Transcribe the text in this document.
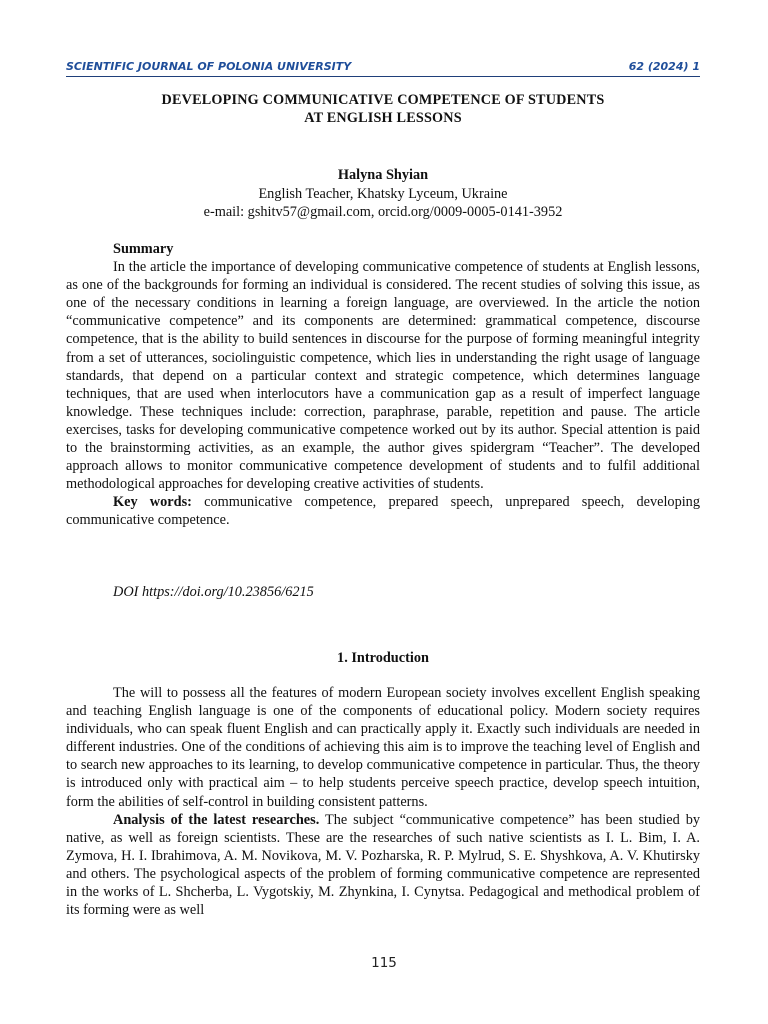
SCIENTIFIC JOURNAL OF POLONIA UNIVERSITY	62 (2024) 1
DEVELOPING COMMUNICATIVE COMPETENCE OF STUDENTS
AT ENGLISH LESSONS
Halyna Shyian
English Teacher, Khatsky Lyceum, Ukraine
e-mail: gshitv57@gmail.com, orcid.org/0009-0005-0141-3952
Summary

In the article the importance of developing communicative competence of students at English lessons, as one of the backgrounds for forming an individual is considered. The recent studies of solving this issue, as one of the necessary conditions in learning a foreign language, are overviewed. In the article the notion “communicative competence” and its components are determined: grammatical competence, discourse competence, that is the ability to build sentences in discourse for the purpose of forming meaningful integrity from a set of utterances, sociolinguistic competence, which lies in understanding the right usage of language standards, that depend on a particular context and strategic competence, which determines language techniques, that are used when interlocutors have a communication gap as a result of imperfect language knowledge. These techniques include: correction, paraphrase, parable, repetition and pause. The article exercises, tasks for developing communicative competence worked out by its author. Special attention is paid to the brainstorming activities, as an example, the author gives spidergram “Teacher”. The developed approach allows to monitor communicative competence development of students and to fulfil additional methodological approaches for developing creative activities of students.

Key words: communicative competence, prepared speech, unprepared speech, developing communicative competence.

DOI https://doi.org/10.23856/6215
1. Introduction

The will to possess all the features of modern European society involves excellent English speaking and teaching English language is one of the components of educational policy. Modern society requires individuals, who can speak fluent English and can practically apply it. Exactly such individuals are needed in different industries. One of the conditions of achieving this aim is to improve the teaching level of English and to search new approaches to its learning, to develop communicative competence in particular. Thus, the theory is introduced only with practical aim – to help students perceive speech practice, develop speech intuition, form the abilities of self-control in building consistent patterns.

Analysis of the latest researches. The subject “communicative competence” has been studied by native, as well as foreign scientists. These are the researches of such native scientists as I. L. Bim, I. A. Zymova, H. I. Ibrahimova, A. M. Novikova, M. V. Pozharska, R. P. Mylrud, S. E. Shyshkova, A. V. Khutirsky and others. The psychological aspects of the problem of forming communicative competence are represented in the works of L. Shcherba, L. Vygotskiy, M. Zhynkina, I. Cynytsa. Pedagogical and methodical problem of its forming were as well

115
